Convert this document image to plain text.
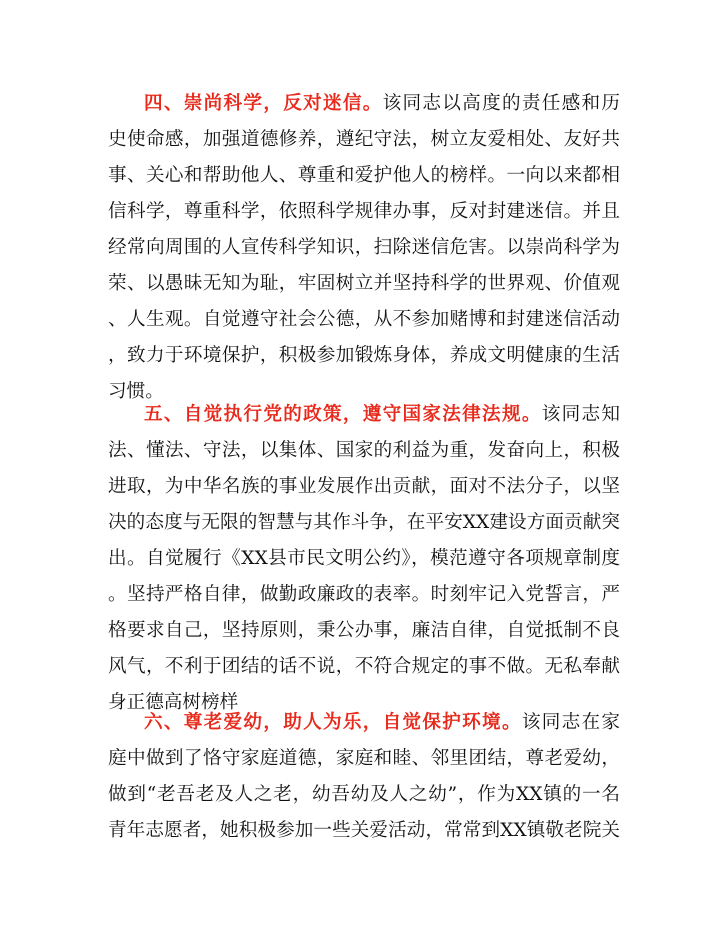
四、崇尚科学，反对迷信。该同志以高度的责任感和历
史使命感，加强道德修养，遵纪守法，树立友爱相处、友好共
事、关心和帮助他人、尊重和爱护他人的榜样。一向以来都相
信科学，尊重科学，依照科学规律办事，反对封建迷信。并且
经常向周围的人宣传科学知识，扫除迷信危害。以崇尚科学为
荣、以愚昧无知为耻，牢固树立并坚持科学的世界观、价值观
、人生观。自觉遵守社会公德，从不参加赌博和封建迷信活动
，致力于环境保护，积极参加锻炼身体，养成文明健康的生活
习惯。
五、自觉执行党的政策，遵守国家法律法规。该同志知
法、懂法、守法，以集体、国家的利益为重，发奋向上，积极
进取，为中华名族的事业发展作出贡献，面对不法分子，以坚
决的态度与无限的智慧与其作斗争，在平安XX建设方面贡献突
出。自觉履行《XX县市民文明公约》，模范遵守各项规章制度
。坚持严格自律，做勤政廉政的表率。时刻牢记入党誓言，严
格要求自己，坚持原则，秉公办事，廉洁自律，自觉抵制不良
风气，不利于团结的话不说，不符合规定的事不做。无私奉献
身正德高树榜样
六、尊老爱幼，助人为乐，自觉保护环境。该同志在家
庭中做到了恪守家庭道德，家庭和睦、邻里团结，尊老爱幼，
做到“老吾老及人之老，幼吾幼及人之幼”，作为XX镇的一名
青年志愿者，她积极参加一些关爱活动，常常到XX镇敬老院关
